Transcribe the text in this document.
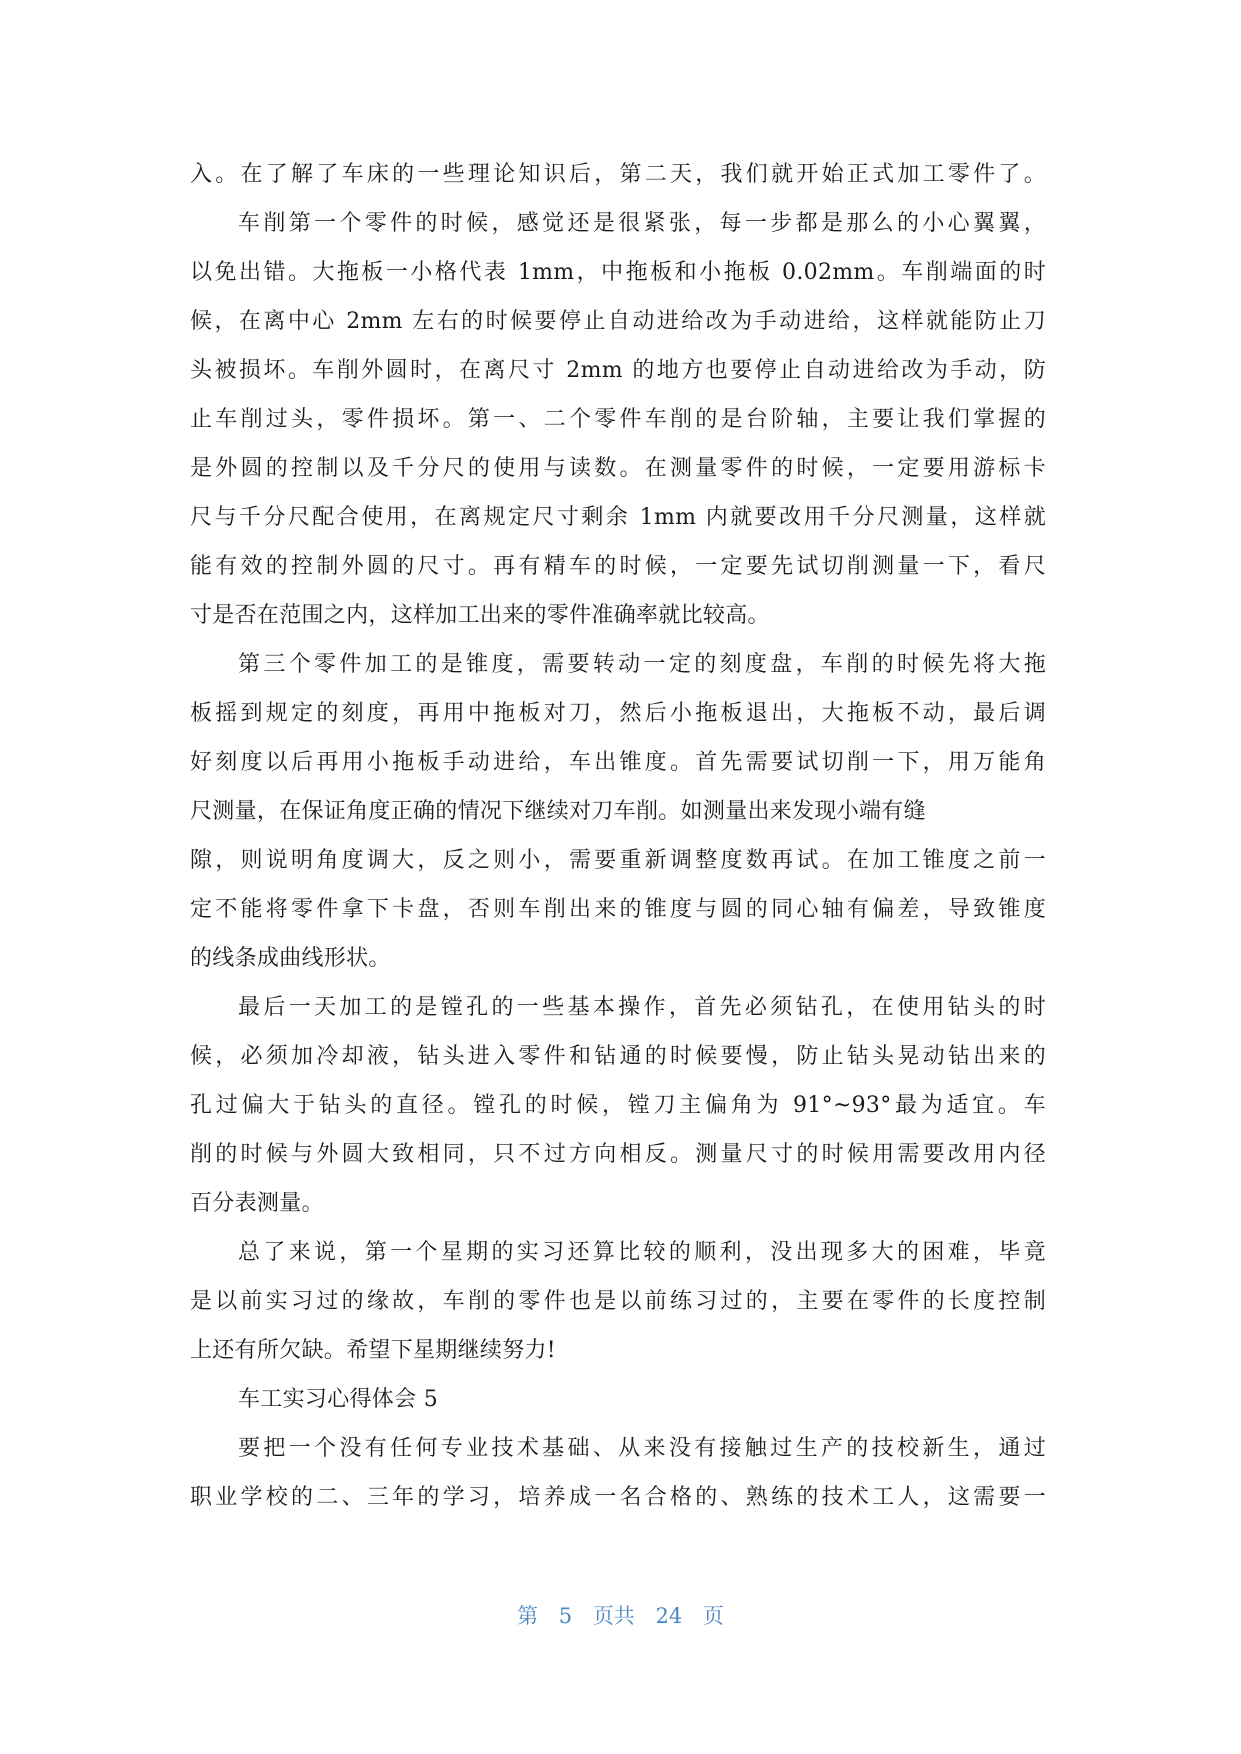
入。在了解了车床的一些理论知识后，第二天，我们就开始正式加工零件了。
车削第一个零件的时候，感觉还是很紧张，每一步都是那么的小心翼翼，
以免出错。大拖板一小格代表 1mm，中拖板和小拖板 0.02mm。车削端面的时
候，在离中心 2mm 左右的时候要停止自动进给改为手动进给，这样就能防止刀
头被损坏。车削外圆时，在离尺寸 2mm 的地方也要停止自动进给改为手动，防
止车削过头，零件损坏。第一、二个零件车削的是台阶轴，主要让我们掌握的
是外圆的控制以及千分尺的使用与读数。在测量零件的时候，一定要用游标卡
尺与千分尺配合使用，在离规定尺寸剩余 1mm 内就要改用千分尺测量，这样就
能有效的控制外圆的尺寸。再有精车的时候，一定要先试切削测量一下，看尺
寸是否在范围之内，这样加工出来的零件准确率就比较高。
第三个零件加工的是锥度，需要转动一定的刻度盘，车削的时候先将大拖
板摇到规定的刻度，再用中拖板对刀，然后小拖板退出，大拖板不动，最后调
好刻度以后再用小拖板手动进给，车出锥度。首先需要试切削一下，用万能角
尺测量，在保证角度正确的情况下继续对刀车削。如测量出来发现小端有缝
隙，则说明角度调大，反之则小，需要重新调整度数再试。在加工锥度之前一
定不能将零件拿下卡盘，否则车削出来的锥度与圆的同心轴有偏差，导致锥度
的线条成曲线形状。
最后一天加工的是镗孔的一些基本操作，首先必须钻孔，在使用钻头的时
候，必须加冷却液，钻头进入零件和钻通的时候要慢，防止钻头晃动钻出来的
孔过偏大于钻头的直径。镗孔的时候，镗刀主偏角为 91°~93°最为适宜。车
削的时候与外圆大致相同，只不过方向相反。测量尺寸的时候用需要改用内径
百分表测量。
总了来说，第一个星期的实习还算比较的顺利，没出现多大的困难，毕竟
是以前实习过的缘故，车削的零件也是以前练习过的，主要在零件的长度控制
上还有所欠缺。希望下星期继续努力!
车工实习心得体会 5
要把一个没有任何专业技术基础、从来没有接触过生产的技校新生，通过
职业学校的二、三年的学习，培养成一名合格的、熟练的技术工人，这需要一
第 5 页共 24 页
